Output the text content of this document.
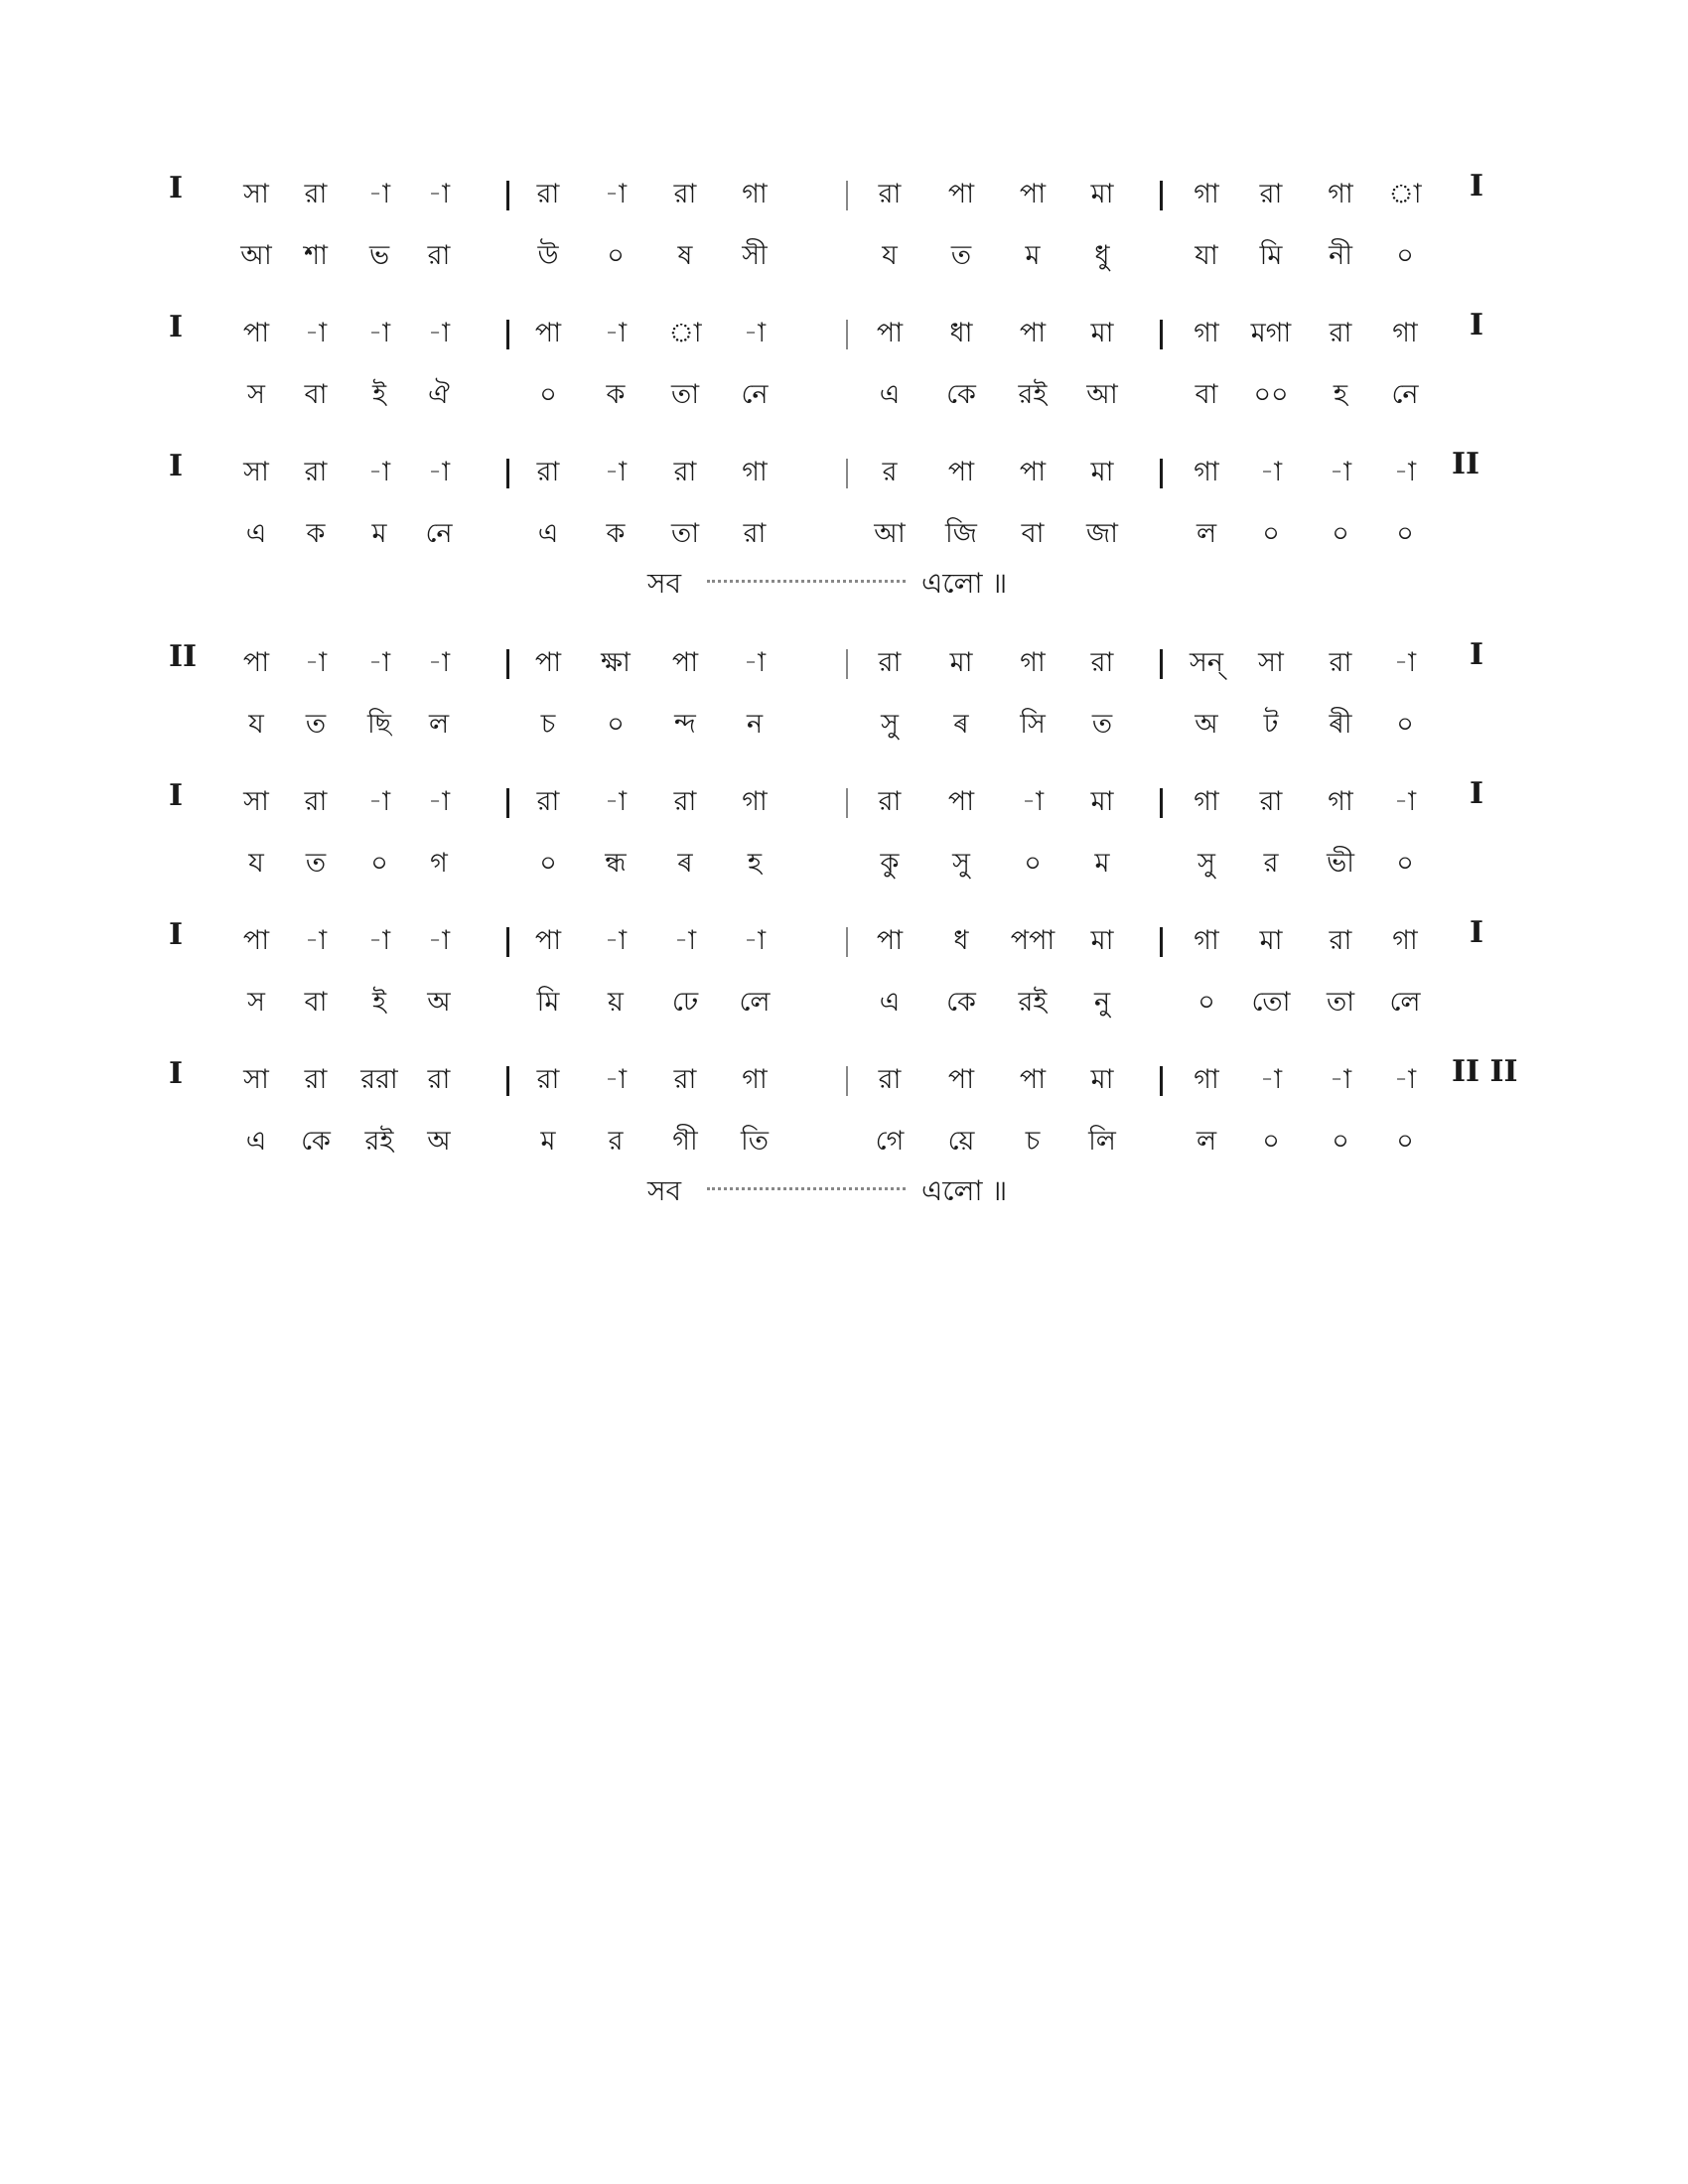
I	I
সা	রা	-া	-া	রা	-া	রা	গা	রা	পা	পা	মা	গা	রা	গা	া
আ	শা	ভ	রা	উ	০	ষ	সী	য	ত	ম	ধু	যা	মি	নী	০
I	I
পা	-া	-া	-া	পা	-া	া	-া	পা	ধা	পা	মা	গা	মগা	রা	গা
স	বা	ই	ঐ	০	ক	তা	নে	এ	কে	রই	আ	বা	০০	হ	নে
I	II
সা	রা	-া	-া	রা	-া	রা	গা	র	পা	পা	মা	গা	-া	-া	-া
এ	ক	ম	নে	এ	ক	তা	রা	আ	জি	বা	জা	ল	০	০	০
সব	এলো ॥
II	I
পা	-া	-া	-া	পা	ক্ষা	পা	-া	রা	মা	গা	রা	সন্	সা	রা	-া
য	ত	ছি	ল	চ	০	ন্দ	ন	সু	ৰ	সি	ত	অ	ট	ৰী	০
I	I
সা	রা	-া	-া	রা	-া	রা	গা	রা	পা	-া	মা	গা	রা	গা	-া
য	ত	০	গ	০	ন্ধ	ৰ	হ	কু	সু	০	ম	সু	র	ভী	০
I	I
পা	-া	-া	-া	পা	-া	-া	-া	পা	ধ	পপা	মা	গা	মা	রা	গা
স	বা	ই	অ	মি	য়	ঢে	লে	এ	কে	রই	নু	০	তো	তা	লে
I	II II
সা	রা	ররা	রা	রা	-া	রা	গা	রা	পা	পা	মা	গা	-া	-া	-া
এ	কে	রই	অ	ম	র	গী	তি	গে	য়ে	চ	লি	ল	০	০	০
সব	এলো ॥
